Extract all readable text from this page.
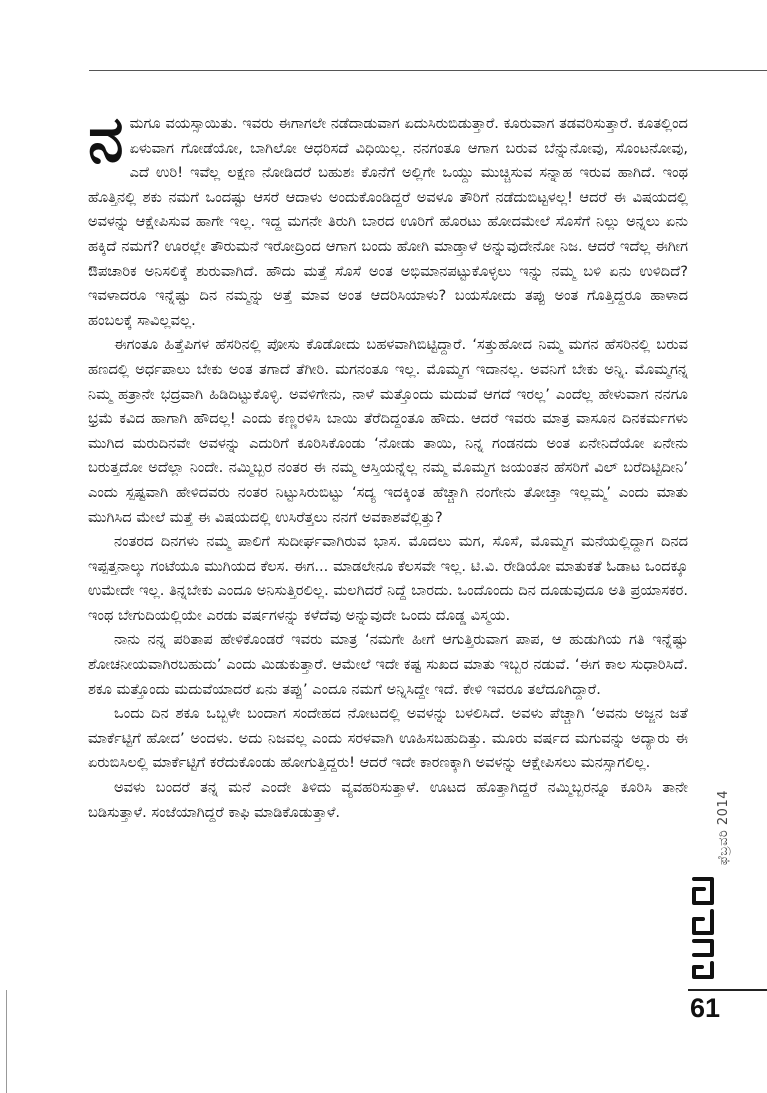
ನಮಗೂ ವಯಸ್ಸಾಯಿತು. ಇವರು ಈಗಾಗಲೇ ನಡೆದಾಡುವಾಗ ಏದುಸಿರುಬಿಡುತ್ತಾರೆ. ಕೂರುವಾಗ ತಡವರಿಸುತ್ತಾರೆ. ಕೂತಲ್ಲಿಂದ ಏಳುವಾಗ ಗೋಡೆಯೋ, ಬಾಗಿಲೋ ಆಧರಿಸದೆ ವಿಧಿಯಿಲ್ಲ. ನನಗಂತೂ ಆಗಾಗ ಬರುವ ಬೆನ್ನುನೋವು, ಸೊಂಟನೋವು, ಎದೆ ಉರಿ! ಇವೆಲ್ಲ ಲಕ್ಷಣ ನೋಡಿದರೆ ಬಹುಶಃ ಕೊನೆಗೆ ಅಲ್ಲಿಗೇ ಒಯ್ದು ಮುಚ್ಚಿಸುವ ಸನ್ನಾಹ ಇರುವ ಹಾಗಿದೆ. ಇಂಥ ಹೊತ್ತಿನಲ್ಲಿ ಶಕು ನಮಗೆ ಒಂದಷ್ಟು ಆಸರೆ ಆದಾಳು ಅಂದುಕೊಂಡಿದ್ದರೆ ಅವಳೂ ತೌರಿಗೆ ನಡೆದುಬಿಟ್ಟಳಲ್ಲ! ಆದರೆ ಈ ವಿಷಯದಲ್ಲಿ ಅವಳನ್ನು ಆಕ್ಷೇಪಿಸುವ ಹಾಗೇ ಇಲ್ಲ. ಇದ್ದ ಮಗನೇ ತಿರುಗಿ ಬಾರದ ಊರಿಗೆ ಹೊರಟು ಹೋದಮೇಲೆ ಸೊಸೆಗೆ ನಿಲ್ಲು ಅನ್ನಲು ಏನು ಹಕ್ಕಿದೆ ನಮಗೆ? ಊರಲ್ಲೇ ತೌರುಮನೆ ಇರೋದ್ರಿಂದ ಆಗಾಗ ಬಂದು ಹೋಗಿ ಮಾಡ್ತಾಳೆ ಅನ್ನುವುದೇನೋ ನಿಜ. ಆದರೆ ಇದೆಲ್ಲ ಈಗೀಗ ಔಪಚಾರಿಕ ಅನಿಸಲಿಕ್ಕೆ ಶುರುವಾಗಿದೆ. ಹೌದು ಮತ್ತೆ ಸೊಸೆ ಅಂತ ಅಭಿಮಾನಪಟ್ಟುಕೊಳ್ಳಲು ಇನ್ನು ನಮ್ಮ ಬಳಿ ಏನು ಉಳಿದಿದೆ? ಇವಳಾದರೂ ಇನ್ನೆಷ್ಟು ದಿನ ನಮ್ಮನ್ನು ಅತ್ತೆ ಮಾವ ಅಂತ ಆದರಿಸಿಯಾಳು? ಬಯಸೋದು ತಪ್ಪು ಅಂತ ಗೊತ್ತಿದ್ದರೂ ಹಾಳಾದ ಹಂಬಲಕ್ಕೆ ಸಾವಿಲ್ಲವಲ್ಲ.

ಈಗಂತೂ ಹಿತ್ತೆಪಿಗಳ ಹೆಸರಿನಲ್ಲಿ ಪೋಸು ಕೊಡೋದು ಬಹಳವಾಗಿಬಿಟ್ಟಿದ್ದಾರೆ. ‘ಸತ್ತುಹೋದ ನಿಮ್ಮ ಮಗನ ಹೆಸರಿನಲ್ಲಿ ಬರುವ ಹಣದಲ್ಲಿ ಅರ್ಧಪಾಲು ಬೇಕು ಅಂತ ತಗಾದೆ ತೆಗೀರಿ. ಮಗನಂತೂ ಇಲ್ಲ. ಮೊಮ್ಮಗ ಇದಾನಲ್ಲ. ಅವನಿಗೆ ಬೇಕು ಅನ್ನಿ. ಮೊಮ್ಮಗನ್ನ ನಿಮ್ಮ ಹತ್ರಾನೇ ಭದ್ರವಾಗಿ ಹಿಡಿದಿಟ್ಟುಕೊಳ್ಳಿ. ಅವಳಿಗೇನು, ನಾಳೆ ಮತ್ತೊಂದು ಮದುವೆ ಆಗದೆ ಇರಲ್ಲ’ ಎಂದೆಲ್ಲ ಹೇಳುವಾಗ ನನಗೂ ಭ್ರಮೆ ಕವಿದ ಹಾಗಾಗಿ ಹೌದಲ್ಲ! ಎಂದು ಕಣ್ಣರಳಿಸಿ ಬಾಯಿ ತೆರೆದಿದ್ದಂತೂ ಹೌದು. ಆದರೆ ಇವರು ಮಾತ್ರ ವಾಸೂನ ದಿನಕರ್ಮಗಳು ಮುಗಿದ ಮರುದಿನವೇ ಅವಳನ್ನು ಎದುರಿಗೆ ಕೂರಿಸಿಕೊಂಡು ‘ನೋಡು ತಾಯಿ, ನಿನ್ನ ಗಂಡನದು ಅಂತ ಏನೇನಿದೆಯೋ ಏನೇನು ಬರುತ್ತದೋ ಅದೆಲ್ಲಾ ನಿಂದೇ. ನಮ್ಮಿಬ್ಬರ ನಂತರ ಈ ನಮ್ಮ ಆಸ್ತಿಯನ್ನೆಲ್ಲ ನಮ್ಮ ಮೊಮ್ಮಗ ಜಯಂತನ ಹೆಸರಿಗೆ ವಿಲ್ ಬರೆದಿಟ್ಟಿದೀನಿ’ ಎಂದು ಸ್ಪಷ್ಟವಾಗಿ ಹೇಳಿದವರು ನಂತರ ನಿಟ್ಟುಸಿರುಬಿಟ್ಟು ‘ಸದ್ಯ ಇದಕ್ಕಿಂತ ಹೆಚ್ಚಾಗಿ ನಂಗೇನು ತೋಚ್ತಾ ಇಲ್ಲಮ್ಮ’ ಎಂದು ಮಾತು ಮುಗಿಸಿದ ಮೇಲೆ ಮತ್ತೆ ಈ ವಿಷಯದಲ್ಲಿ ಉಸಿರೆತ್ತಲು ನನಗೆ ಅವಕಾಶವೆಲ್ಲಿತ್ತು?

ನಂತರದ ದಿನಗಳು ನಮ್ಮ ಪಾಲಿಗೆ ಸುದೀರ್ಘವಾಗಿರುವ ಭಾಸ. ಮೊದಲು ಮಗ, ಸೊಸೆ, ಮೊಮ್ಮಗ ಮನೆಯಲ್ಲಿದ್ದಾಗ ದಿನದ ಇಪ್ಪತ್ತನಾಲ್ಕು ಗಂಟೆಯೂ ಮುಗಿಯದ ಕೆಲಸ. ಈಗ... ಮಾಡಲೇನೂ ಕೆಲಸವೇ ಇಲ್ಲ. ಟಿ.ವಿ. ರೇಡಿಯೋ ಮಾತುಕತೆ ಓಡಾಟ ಒಂದಕ್ಕೂ ಉಮೇದೇ ಇಲ್ಲ. ತಿನ್ನಬೇಕು ಎಂದೂ ಅನಿಸುತ್ತಿರಲಿಲ್ಲ. ಮಲಗಿದರೆ ನಿದ್ದೆ ಬಾರದು. ಒಂದೊಂದು ದಿನ ದೂಡುವುದೂ ಅತಿ ಪ್ರಯಾಸಕರ. ಇಂಥ ಬೇಗುದಿಯಲ್ಲಿಯೇ ಎರಡು ವರ್ಷಗಳನ್ನು ಕಳೆದೆವು ಅನ್ನುವುದೇ ಒಂದು ದೊಡ್ಡ ವಿಸ್ಮಯ.

ನಾನು ನನ್ನ ಪರಿತಾಪ ಹೇಳಿಕೊಂಡರೆ ಇವರು ಮಾತ್ರ ‘ನಮಗೇ ಹೀಗೆ ಆಗುತ್ತಿರುವಾಗ ಪಾಪ, ಆ ಹುಡುಗಿಯ ಗತಿ ಇನ್ನೆಷ್ಟು ಶೋಚನೀಯವಾಗಿರಬಹುದು’ ಎಂದು ಮಿಡುಕುತ್ತಾರೆ. ಆಮೇಲೆ ಇದೇ ಕಷ್ಟ ಸುಖದ ಮಾತು ಇಬ್ಬರ ನಡುವೆ. ‘ಈಗ ಕಾಲ ಸುಧಾರಿಸಿದೆ. ಶಕೂ ಮತ್ತೊಂದು ಮದುವೆಯಾದರೆ ಏನು ತಪ್ಪು’ ಎಂದೂ ನಮಗೆ ಅನ್ನಿಸಿದ್ದೇ ಇದೆ. ಕೇಳಿ ಇವರೂ ತಲೆದೂಗಿದ್ದಾರೆ.

ಒಂದು ದಿನ ಶಕೂ ಒಬ್ಬಳೇ ಬಂದಾಗ ಸಂದೇಹದ ನೋಟದಲ್ಲಿ ಅವಳನ್ನು ಬಳಲಿಸಿದೆ. ಅವಳು ಪೆಚ್ಚಾಗಿ ‘ಅವನು ಅಜ್ಜನ ಜತೆ ಮಾರ್ಕೆಟ್ಟಿಗೆ ಹೋದ’ ಅಂದಳು. ಅದು ನಿಜವಲ್ಲ ಎಂದು ಸರಳವಾಗಿ ಊಹಿಸಬಹುದಿತ್ತು. ಮೂರು ವರ್ಷದ ಮಗುವನ್ನು ಅದ್ಯಾರು ಈ ಏರುಬಿಸಿಲಲ್ಲಿ ಮಾರ್ಕೆಟ್ಟಿಗೆ ಕರೆದುಕೊಂಡು ಹೋಗುತ್ತಿದ್ದರು! ಆದರೆ ಇದೇ ಕಾರಣಕ್ಕಾಗಿ ಅವಳನ್ನು ಆಕ್ಷೇಪಿಸಲು ಮನಸ್ಸಾಗಲಿಲ್ಲ.

ಅವಳು ಬಂದರೆ ತನ್ನ ಮನೆ ಎಂದೇ ತಿಳಿದು ವ್ಯವಹರಿಸುತ್ತಾಳೆ. ಊಟದ ಹೊತ್ತಾಗಿದ್ದರೆ ನಮ್ಮಿಬ್ಬರನ್ನೂ ಕೂರಿಸಿ ತಾನೇ ಬಡಿಸುತ್ತಾಳೆ. ಸಂಜೆಯಾಗಿದ್ದರೆ ಕಾಫಿ ಮಾಡಿಕೊಡುತ್ತಾಳೆ.	ಫೆಬ್ರವರಿ 2014
61
